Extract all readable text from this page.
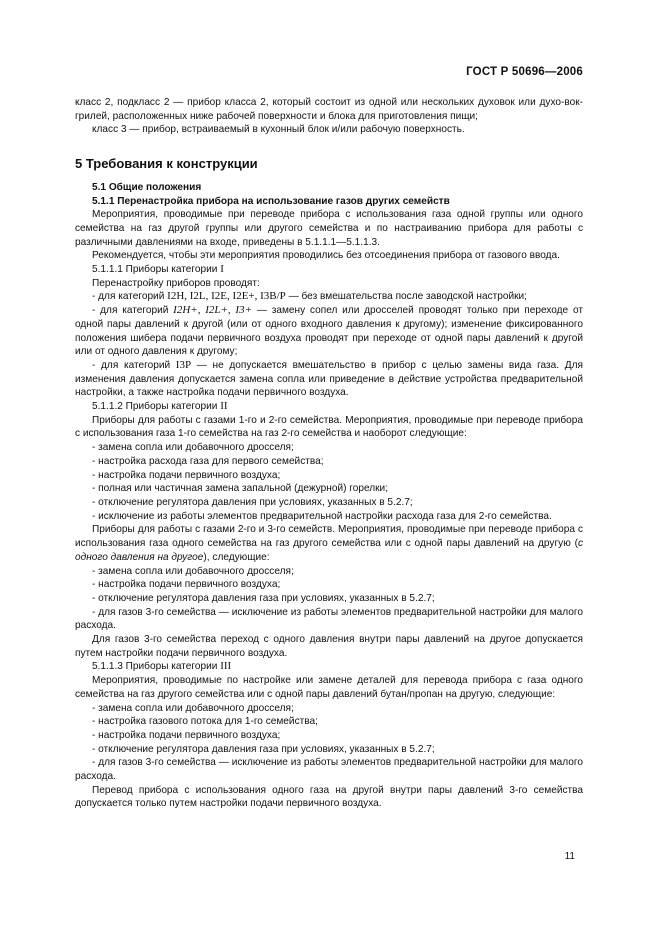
ГОСТ Р 50696—2006

класс 2, подкласс 2 — прибор класса 2, который состоит из одной или нескольких духовок или духо-вок-грилей, расположенных ниже рабочей поверхности и блока для приготовления пищи;

класс 3 — прибор, встраиваемый в кухонный блок и/или рабочую поверхность.

5 Требования к конструкции

5.1 Общие положения

5.1.1 Перенастройка прибора на использование газов других семейств

Мероприятия, проводимые при переводе прибора с использования газа одной группы или одного семейства на газ другой группы или другого семейства и по настраиванию прибора для работы с различными давлениями на входе, приведены в 5.1.1.1—5.1.1.3.

Рекомендуется, чтобы эти мероприятия проводились без отсоединения прибора от газового ввода.

5.1.1.1 Приборы категории I

Перенастройку приборов проводят:

- для категорий I2H, I2L, I2E, I2E+, I3B/P — без вмешательства после заводской настройки;

- для категорий I2H+, I2L+, I3+ — замену сопел или дросселей проводят только при переходе от одной пары давлений к другой (или от одного входного давления к другому); изменение фиксированного положения шибера подачи первичного воздуха проводят при переходе от одной пары давлений к другой или от одного давления к другому;

- для категорий I3P — не допускается вмешательство в прибор с целью замены вида газа. Для изменения давления допускается замена сопла или приведение в действие устройства предварительной настройки, а также настройка подачи первичного воздуха.

5.1.1.2 Приборы категории II

Приборы для работы с газами 1-го и 2-го семейства. Мероприятия, проводимые при переводе прибора с использования газа 1-го семейства на газ 2-го семейства и наоборот следующие:

- замена сопла или добавочного дросселя;

- настройка расхода газа для первого семейства;

- настройка подачи первичного воздуха;

- полная или частичная замена запальной (дежурной) горелки;

- отключение регулятора давления при условиях, указанных в 5.2.7;

- исключение из работы элементов предварительной настройки расхода газа для 2-го семейства.

Приборы для работы с газами 2-го и 3-го семейств. Мероприятия, проводимые при переводе прибора с использования газа одного семейства на газ другого семейства или с одной пары давлений на другую (с одного давления на другое), следующие:

- замена сопла или добавочного дросселя;

- настройка подачи первичного воздуха;

- отключение регулятора давления газа при условиях, указанных в 5.2.7;

- для газов 3-го семейства — исключение из работы элементов предварительной настройки для малого расхода.

Для газов 3-го семейства переход с одного давления внутри пары давлений на другое допускается путем настройки подачи первичного воздуха.

5.1.1.3 Приборы категории III

Мероприятия, проводимые по настройке или замене деталей для перевода прибора с газа одного семейства на газ другого семейства или с одной пары давлений бутан/пропан на другую, следующие:

- замена сопла или добавочного дросселя;

- настройка газового потока для 1-го семейства;

- настройка подачи первичного воздуха;

- отключение регулятора давления газа при условиях, указанных в 5.2.7;

- для газов 3-го семейства — исключение из работы элементов предварительной настройки для малого расхода.

Перевод прибора с использования одного газа на другой внутри пары давлений 3-го семейства допускается только путем настройки подачи первичного воздуха.

11
